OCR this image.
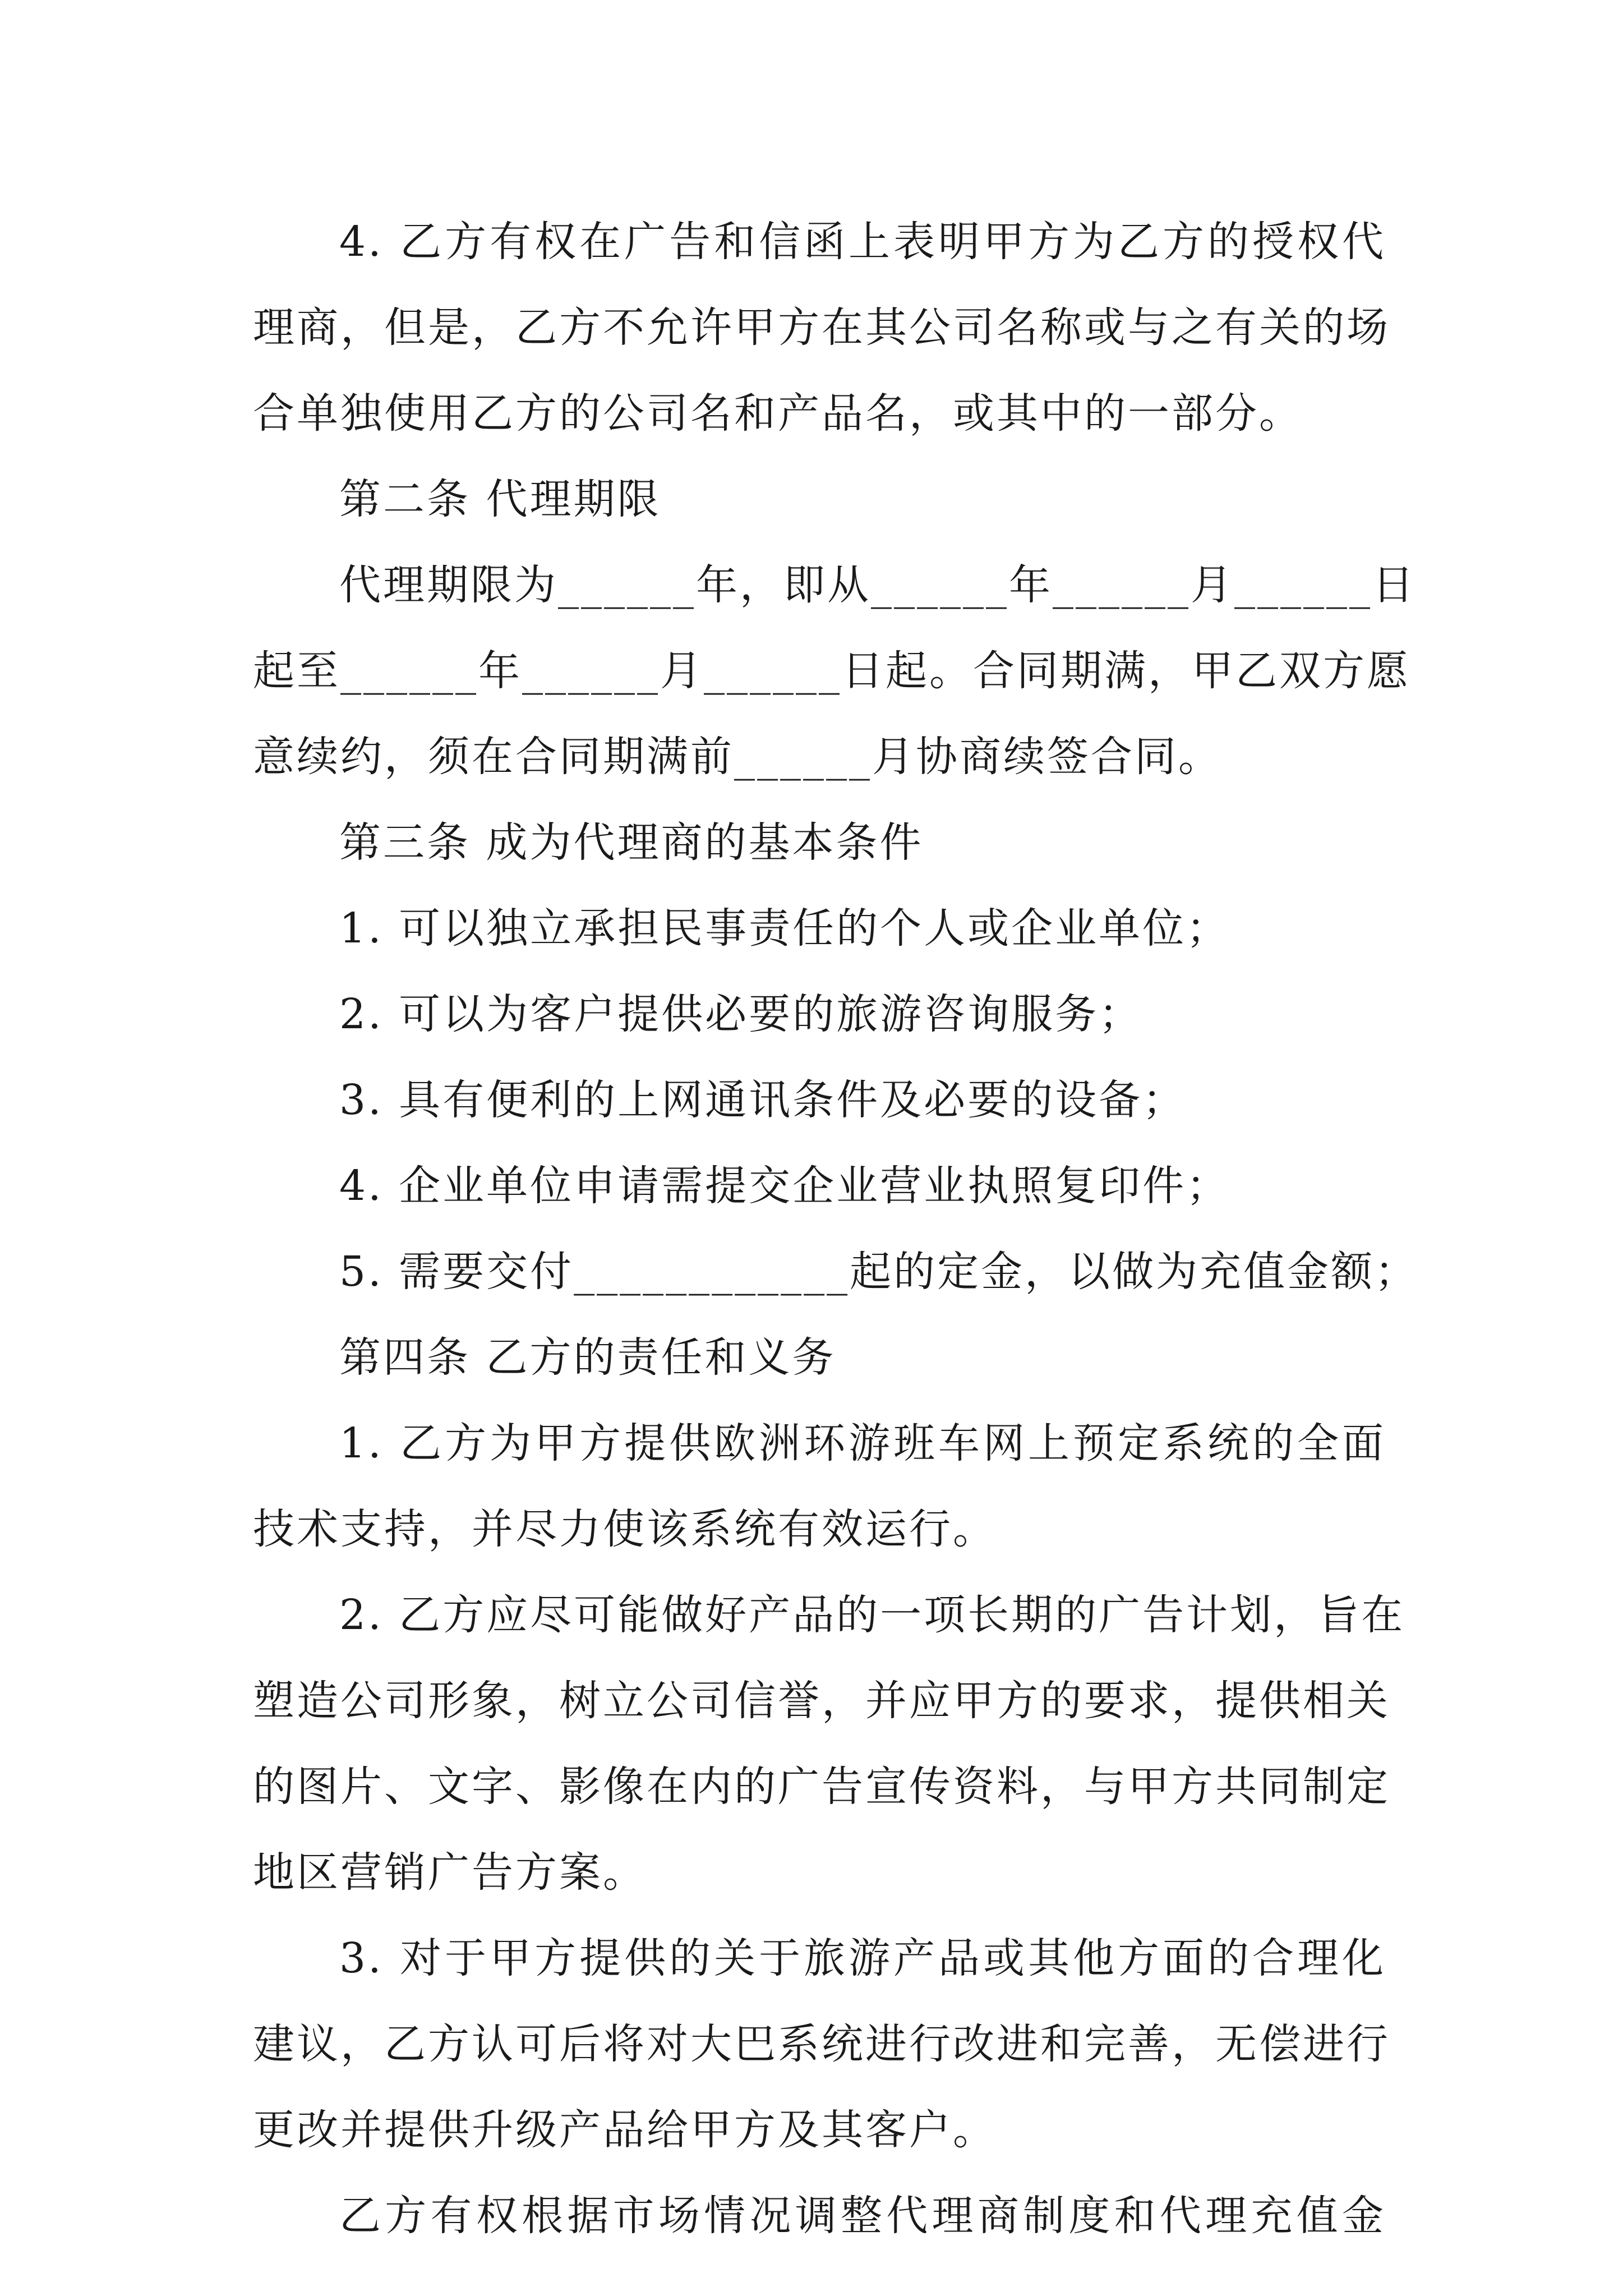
4. 乙方有权在广告和信函上表明甲方为乙方的授权代
理商，但是，乙方不允许甲方在其公司名称或与之有关的场
合单独使用乙方的公司名和产品名，或其中的一部分。
第二条 代理期限
代理期限为______年，即从______年______月______日
起至______年______月______日起。合同期满，甲乙双方愿
意续约，须在合同期满前______月协商续签合同。
第三条 成为代理商的基本条件
1. 可以独立承担民事责任的个人或企业单位；
2. 可以为客户提供必要的旅游咨询服务；
3. 具有便利的上网通讯条件及必要的设备；
4. 企业单位申请需提交企业营业执照复印件；
5. 需要交付____________起的定金，以做为充值金额；
第四条 乙方的责任和义务
1. 乙方为甲方提供欧洲环游班车网上预定系统的全面
技术支持，并尽力使该系统有效运行。
2. 乙方应尽可能做好产品的一项长期的广告计划，旨在
塑造公司形象，树立公司信誉，并应甲方的要求，提供相关
的图片、文字、影像在内的广告宣传资料，与甲方共同制定
地区营销广告方案。
3. 对于甲方提供的关于旅游产品或其他方面的合理化
建议，乙方认可后将对大巴系统进行改进和完善，无偿进行
更改并提供升级产品给甲方及其客户。
乙方有权根据市场情况调整代理商制度和代理充值金
